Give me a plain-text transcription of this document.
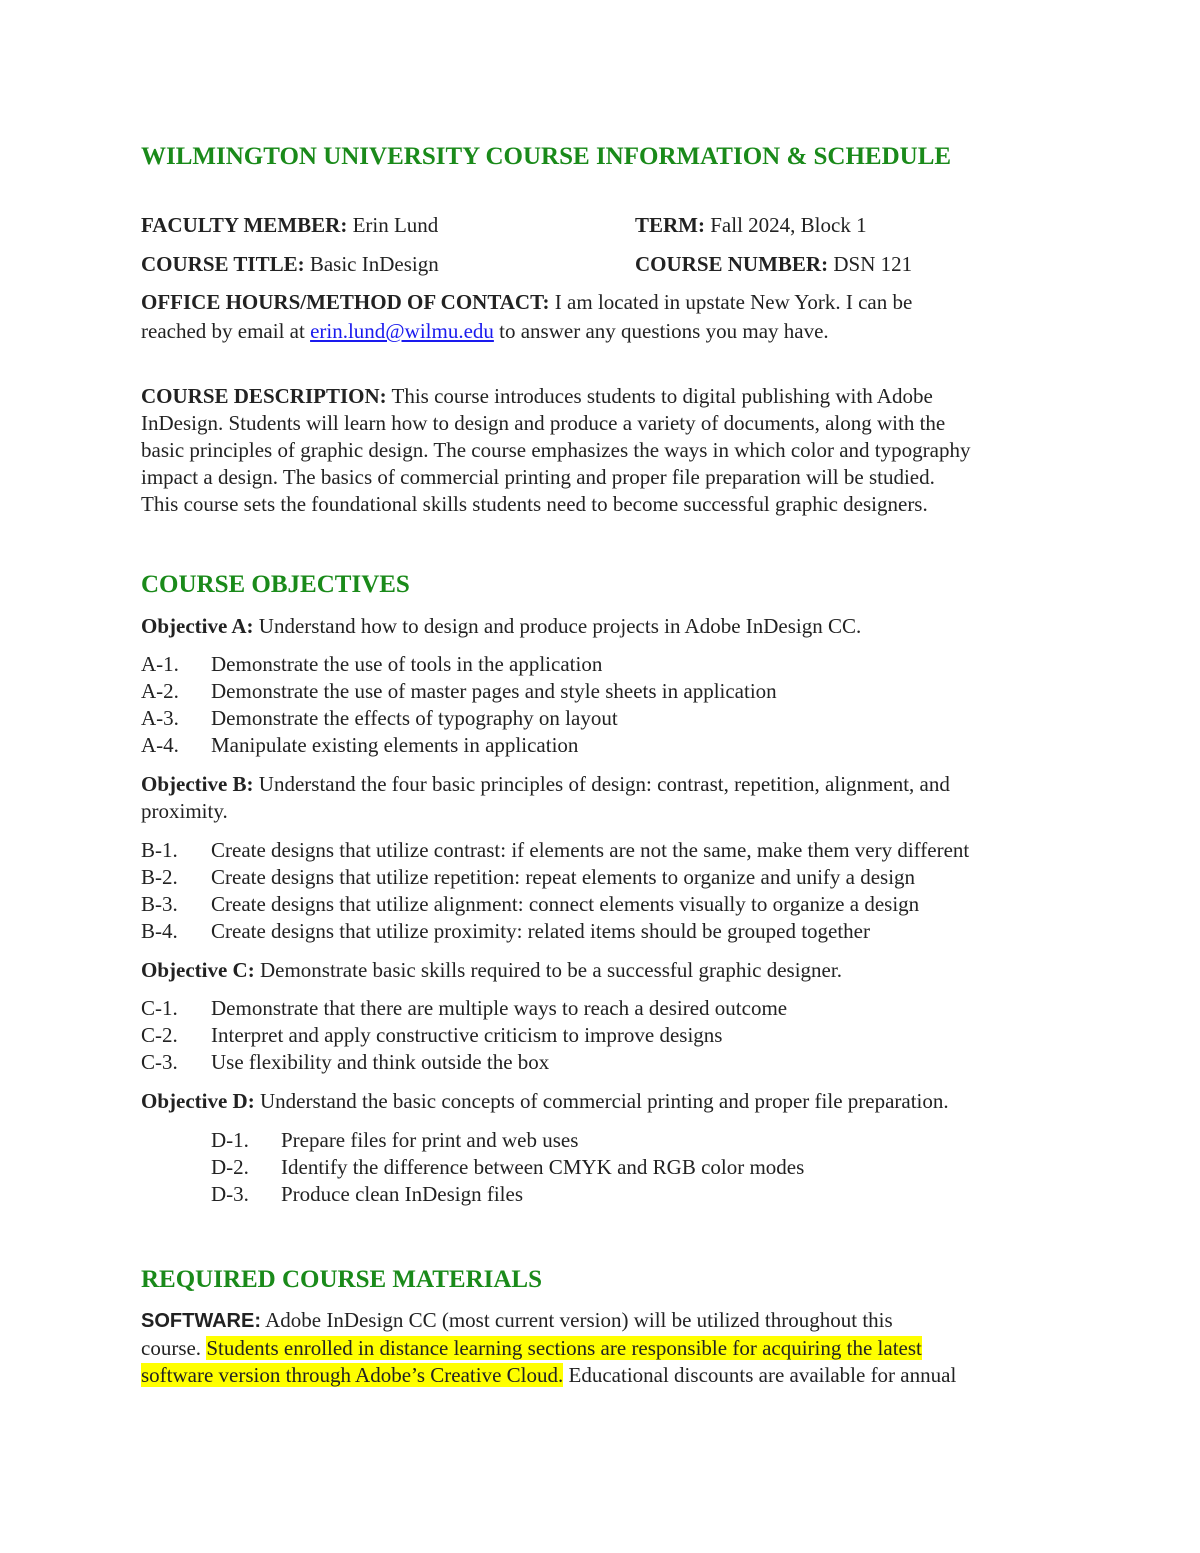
WILMINGTON UNIVERSITY COURSE INFORMATION & SCHEDULE
FACULTY MEMBER: Erin Lund	TERM: Fall 2024, Block 1
COURSE TITLE: Basic InDesign	COURSE NUMBER: DSN 121
OFFICE HOURS/METHOD OF CONTACT: I am located in upstate New York. I can be
reached by email at erin.lund@wilmu.edu to answer any questions you may have.
COURSE DESCRIPTION: This course introduces students to digital publishing with Adobe
InDesign. Students will learn how to design and produce a variety of documents, along with the
basic principles of graphic design. The course emphasizes the ways in which color and typography
impact a design. The basics of commercial printing and proper file preparation will be studied.
This course sets the foundational skills students need to become successful graphic designers.
COURSE OBJECTIVES
Objective A: Understand how to design and produce projects in Adobe InDesign CC.
A-1. Demonstrate the use of tools in the application
A-2. Demonstrate the use of master pages and style sheets in application
A-3. Demonstrate the effects of typography on layout
A-4. Manipulate existing elements in application
Objective B: Understand the four basic principles of design: contrast, repetition, alignment, and
proximity.
B-1. Create designs that utilize contrast: if elements are not the same, make them very different
B-2. Create designs that utilize repetition: repeat elements to organize and unify a design
B-3. Create designs that utilize alignment: connect elements visually to organize a design
B-4. Create designs that utilize proximity: related items should be grouped together
Objective C: Demonstrate basic skills required to be a successful graphic designer.
C-1. Demonstrate that there are multiple ways to reach a desired outcome
C-2. Interpret and apply constructive criticism to improve designs
C-3. Use flexibility and think outside the box
Objective D: Understand the basic concepts of commercial printing and proper file preparation.
D-1. Prepare files for print and web uses
D-2. Identify the difference between CMYK and RGB color modes
D-3. Produce clean InDesign files
REQUIRED COURSE MATERIALS
SOFTWARE: Adobe InDesign CC (most current version) will be utilized throughout this
course. Students enrolled in distance learning sections are responsible for acquiring the latest
software version through Adobe’s Creative Cloud. Educational discounts are available for annual
